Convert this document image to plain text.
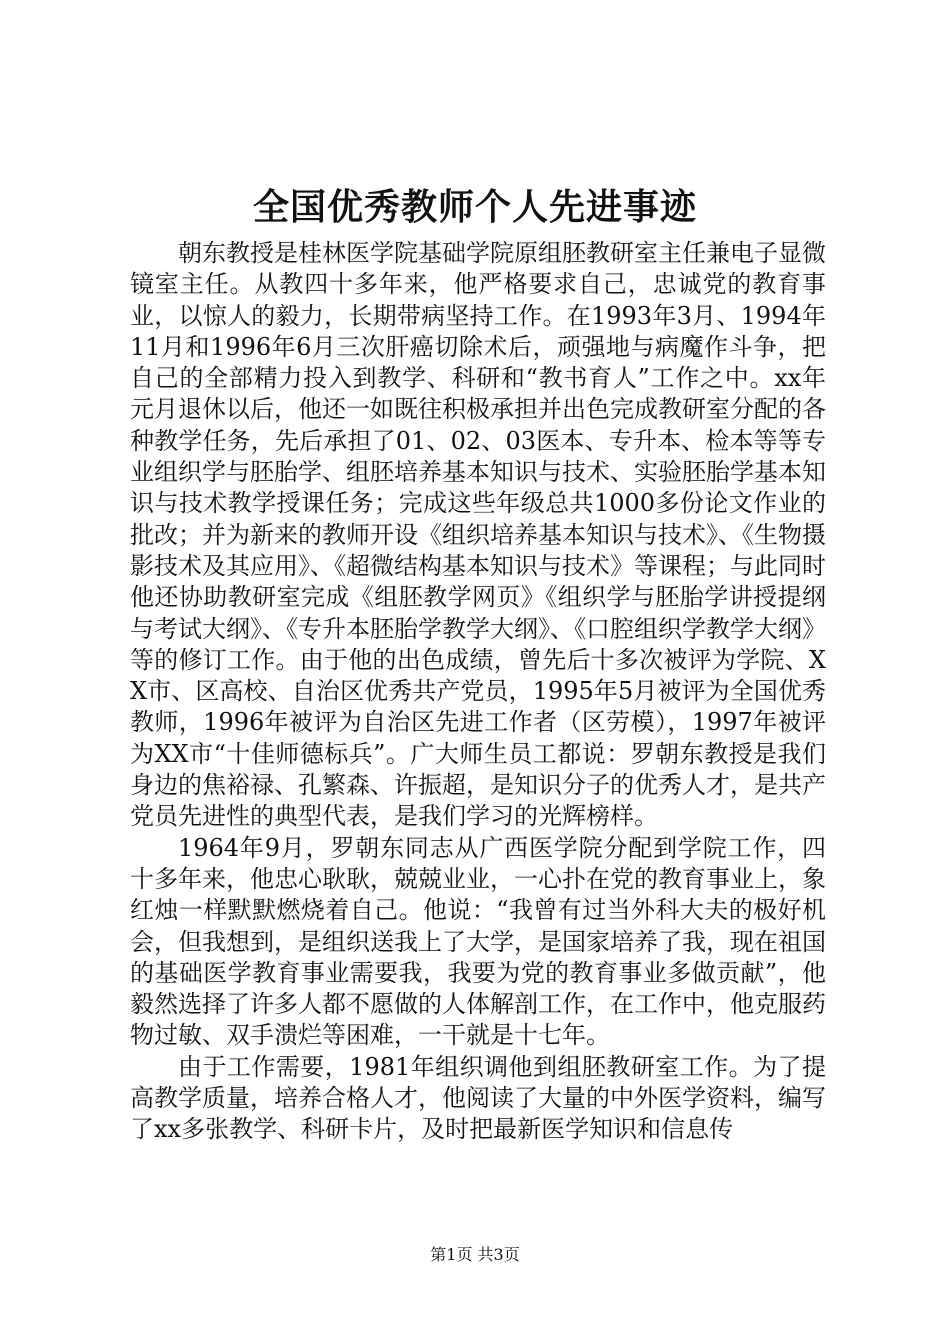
全国优秀教师个人先进事迹

朝东教授是桂林医学院基础学院原组胚教研室主任兼电子显微镜室主任。从教四十多年来，他严格要求自己，忠诚党的教育事业，以惊人的毅力，长期带病坚持工作。在1993年3月、1994年11月和1996年6月三次肝癌切除术后，顽强地与病魔作斗争，把自己的全部精力投入到教学、科研和“教书育人”工作之中。xx年元月退休以后，他还一如既往积极承担并出色完成教研室分配的各种教学任务，先后承担了01、02、03医本、专升本、检本等等专业组织学与胚胎学、组胚培养基本知识与技术、实验胚胎学基本知识与技术教学授课任务；完成这些年级总共1000多份论文作业的批改；并为新来的教师开设《组织培养基本知识与技术》、《生物摄影技术及其应用》、《超微结构基本知识与技术》等课程；与此同时他还协助教研室完成《组胚教学网页》《组织学与胚胎学讲授提纲与考试大纲》、《专升本胚胎学教学大纲》、《口腔组织学教学大纲》等的修订工作。由于他的出色成绩，曾先后十多次被评为学院、XX市、区高校、自治区优秀共产党员，1995年5月被评为全国优秀教师，1996年被评为自治区先进工作者（区劳模），1997年被评为XX市“十佳师德标兵”。广大师生员工都说：罗朝东教授是我们身边的焦裕禄、孔繁森、许振超，是知识分子的优秀人才，是共产党员先进性的典型代表，是我们学习的光辉榜样。

1964年9月，罗朝东同志从广西医学院分配到学院工作，四十多年来，他忠心耿耿，兢兢业业，一心扑在党的教育事业上，象红烛一样默默燃烧着自己。他说：“我曾有过当外科大夫的极好机会，但我想到，是组织送我上了大学，是国家培养了我，现在祖国的基础医学教育事业需要我，我要为党的教育事业多做贡献”，他毅然选择了许多人都不愿做的人体解剖工作，在工作中，他克服药物过敏、双手溃烂等困难，一干就是十七年。

由于工作需要，1981年组织调他到组胚教研室工作。为了提高教学质量，培养合格人才，他阅读了大量的中外医学资料，编写了xx多张教学、科研卡片，及时把最新医学知识和信息传

第1页 共3页
